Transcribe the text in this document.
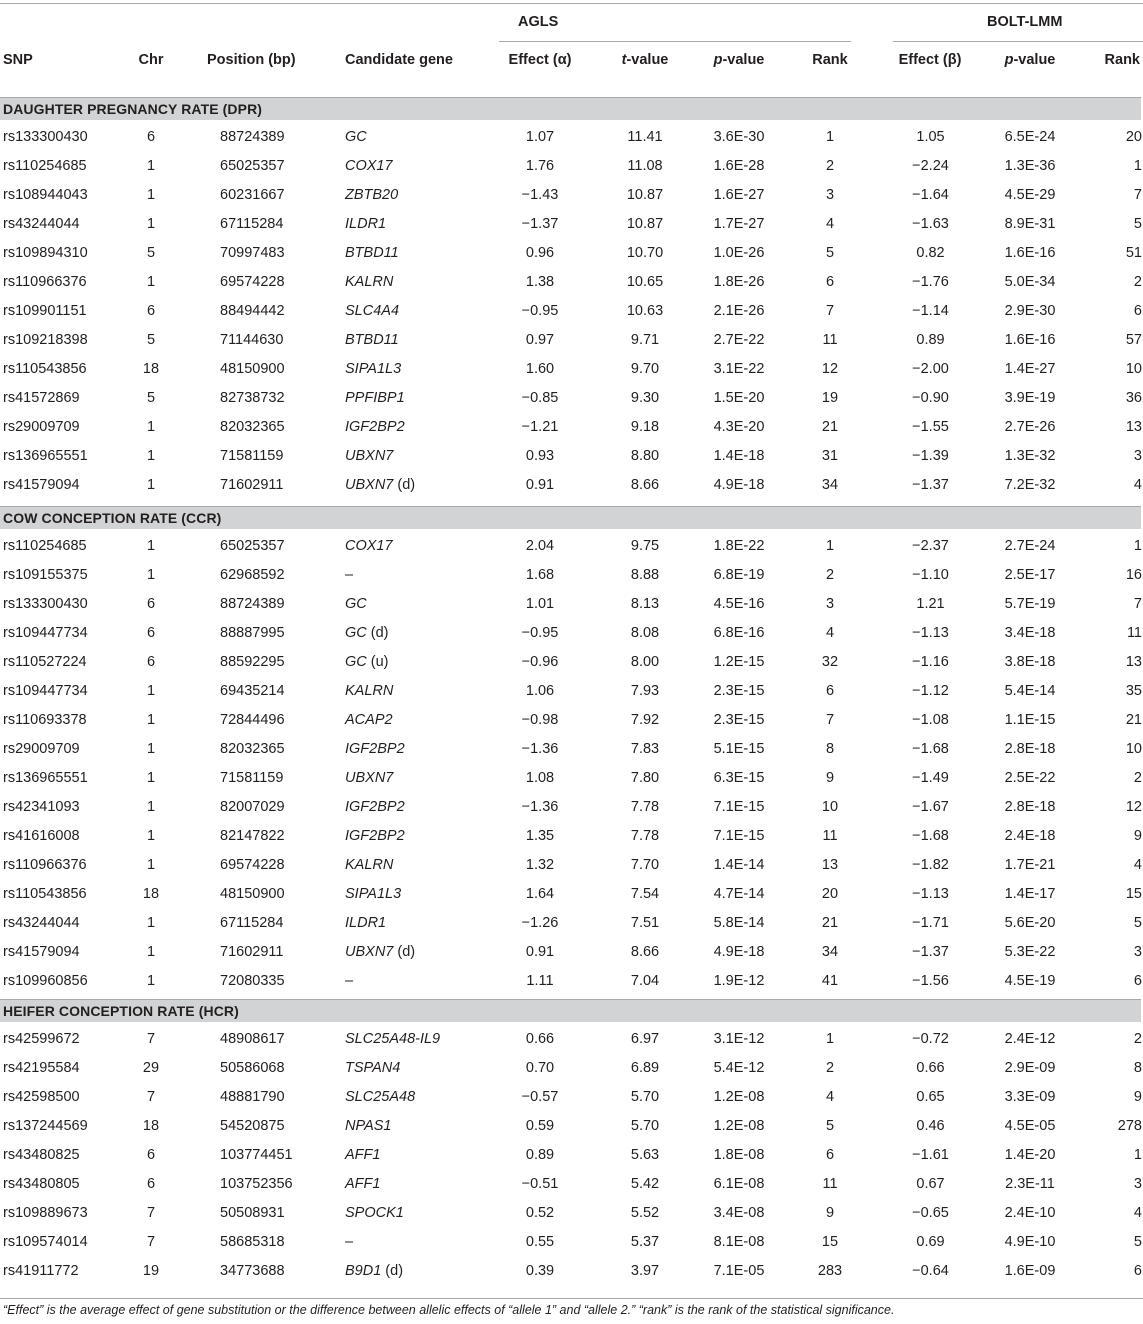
AGLS	BOLT-LMM
SNP	Chr	Position (bp)	Candidate gene	Effect (α)	t-value	p-value	Rank	Effect (β)	p-value	Rank
DAUGHTER PREGNANCY RATE (DPR)
rs133300430	6	88724389	GC	1.07	11.41	3.6E-30	1	1.05	6.5E-24	20
rs110254685	1	65025357	COX17	1.76	11.08	1.6E-28	2	−2.24	1.3E-36	1
rs108944043	1	60231667	ZBTB20	−1.43	10.87	1.6E-27	3	−1.64	4.5E-29	7
rs43244044	1	67115284	ILDR1	−1.37	10.87	1.7E-27	4	−1.63	8.9E-31	5
rs109894310	5	70997483	BTBD11	0.96	10.70	1.0E-26	5	0.82	1.6E-16	51
rs110966376	1	69574228	KALRN	1.38	10.65	1.8E-26	6	−1.76	5.0E-34	2
rs109901151	6	88494442	SLC4A4	−0.95	10.63	2.1E-26	7	−1.14	2.9E-30	6
rs109218398	5	71144630	BTBD11	0.97	9.71	2.7E-22	11	0.89	1.6E-16	57
rs110543856	18	48150900	SIPA1L3	1.60	9.70	3.1E-22	12	−2.00	1.4E-27	10
rs41572869	5	82738732	PPFIBP1	−0.85	9.30	1.5E-20	19	−0.90	3.9E-19	36
rs29009709	1	82032365	IGF2BP2	−1.21	9.18	4.3E-20	21	−1.55	2.7E-26	13
rs136965551	1	71581159	UBXN7	0.93	8.80	1.4E-18	31	−1.39	1.3E-32	3
rs41579094	1	71602911	UBXN7 (d)	0.91	8.66	4.9E-18	34	−1.37	7.2E-32	4
COW CONCEPTION RATE (CCR)
rs110254685	1	65025357	COX17	2.04	9.75	1.8E-22	1	−2.37	2.7E-24	1
rs109155375	1	62968592	–	1.68	8.88	6.8E-19	2	−1.10	2.5E-17	16
rs133300430	6	88724389	GC	1.01	8.13	4.5E-16	3	1.21	5.7E-19	7
rs109447734	6	88887995	GC (d)	−0.95	8.08	6.8E-16	4	−1.13	3.4E-18	11
rs110527224	6	88592295	GC (u)	−0.96	8.00	1.2E-15	32	−1.16	3.8E-18	13
rs109447734	1	69435214	KALRN	1.06	7.93	2.3E-15	6	−1.12	5.4E-14	35
rs110693378	1	72844496	ACAP2	−0.98	7.92	2.3E-15	7	−1.08	1.1E-15	21
rs29009709	1	82032365	IGF2BP2	−1.36	7.83	5.1E-15	8	−1.68	2.8E-18	10
rs136965551	1	71581159	UBXN7	1.08	7.80	6.3E-15	9	−1.49	2.5E-22	2
rs42341093	1	82007029	IGF2BP2	−1.36	7.78	7.1E-15	10	−1.67	2.8E-18	12
rs41616008	1	82147822	IGF2BP2	1.35	7.78	7.1E-15	11	−1.68	2.4E-18	9
rs110966376	1	69574228	KALRN	1.32	7.70	1.4E-14	13	−1.82	1.7E-21	4
rs110543856	18	48150900	SIPA1L3	1.64	7.54	4.7E-14	20	−1.13	1.4E-17	15
rs43244044	1	67115284	ILDR1	−1.26	7.51	5.8E-14	21	−1.71	5.6E-20	5
rs41579094	1	71602911	UBXN7 (d)	0.91	8.66	4.9E-18	34	−1.37	5.3E-22	3
rs109960856	1	72080335	–	1.11	7.04	1.9E-12	41	−1.56	4.5E-19	6
HEIFER CONCEPTION RATE (HCR)
rs42599672	7	48908617	SLC25A48-IL9	0.66	6.97	3.1E-12	1	−0.72	2.4E-12	2
rs42195584	29	50586068	TSPAN4	0.70	6.89	5.4E-12	2	0.66	2.9E-09	8
rs42598500	7	48881790	SLC25A48	−0.57	5.70	1.2E-08	4	0.65	3.3E-09	9
rs137244569	18	54520875	NPAS1	0.59	5.70	1.2E-08	5	0.46	4.5E-05	278
rs43480825	6	103774451	AFF1	0.89	5.63	1.8E-08	6	−1.61	1.4E-20	1
rs43480805	6	103752356	AFF1	−0.51	5.42	6.1E-08	11	0.67	2.3E-11	3
rs109889673	7	50508931	SPOCK1	0.52	5.52	3.4E-08	9	−0.65	2.4E-10	4
rs109574014	7	58685318	–	0.55	5.37	8.1E-08	15	0.69	4.9E-10	5
rs41911772	19	34773688	B9D1 (d)	0.39	3.97	7.1E-05	283	−0.64	1.6E-09	6
“Effect” is the average effect of gene substitution or the difference between allelic effects of “allele 1” and “allele 2.” “rank” is the rank of the statistical significance.
